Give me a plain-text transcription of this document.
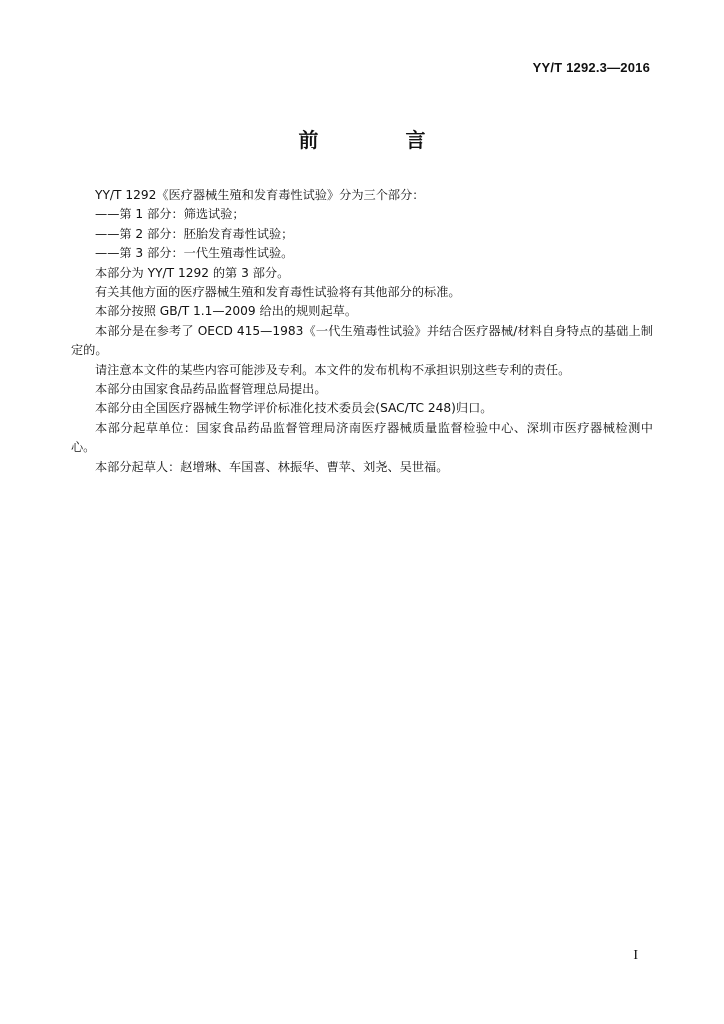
YY/T 1292.3—2016
前 言

YY/T 1292《医疗器械生殖和发育毒性试验》分为三个部分：

——第 1 部分：筛选试验；

——第 2 部分：胚胎发育毒性试验；

——第 3 部分：一代生殖毒性试验。

本部分为 YY/T 1292 的第 3 部分。

有关其他方面的医疗器械生殖和发育毒性试验将有其他部分的标准。

本部分按照 GB/T 1.1—2009 给出的规则起草。

本部分是在参考了 OECD 415—1983《一代生殖毒性试验》并结合医疗器械/材料自身特点的基础上制定的。

请注意本文件的某些内容可能涉及专利。本文件的发布机构不承担识别这些专利的责任。

本部分由国家食品药品监督管理总局提出。

本部分由全国医疗器械生物学评价标准化技术委员会(SAC/TC 248)归口。

本部分起草单位：国家食品药品监督管理局济南医疗器械质量监督检验中心、深圳市医疗器械检测中心。

本部分起草人：赵增琳、车国喜、林振华、曹苹、刘尧、吴世福。

I
